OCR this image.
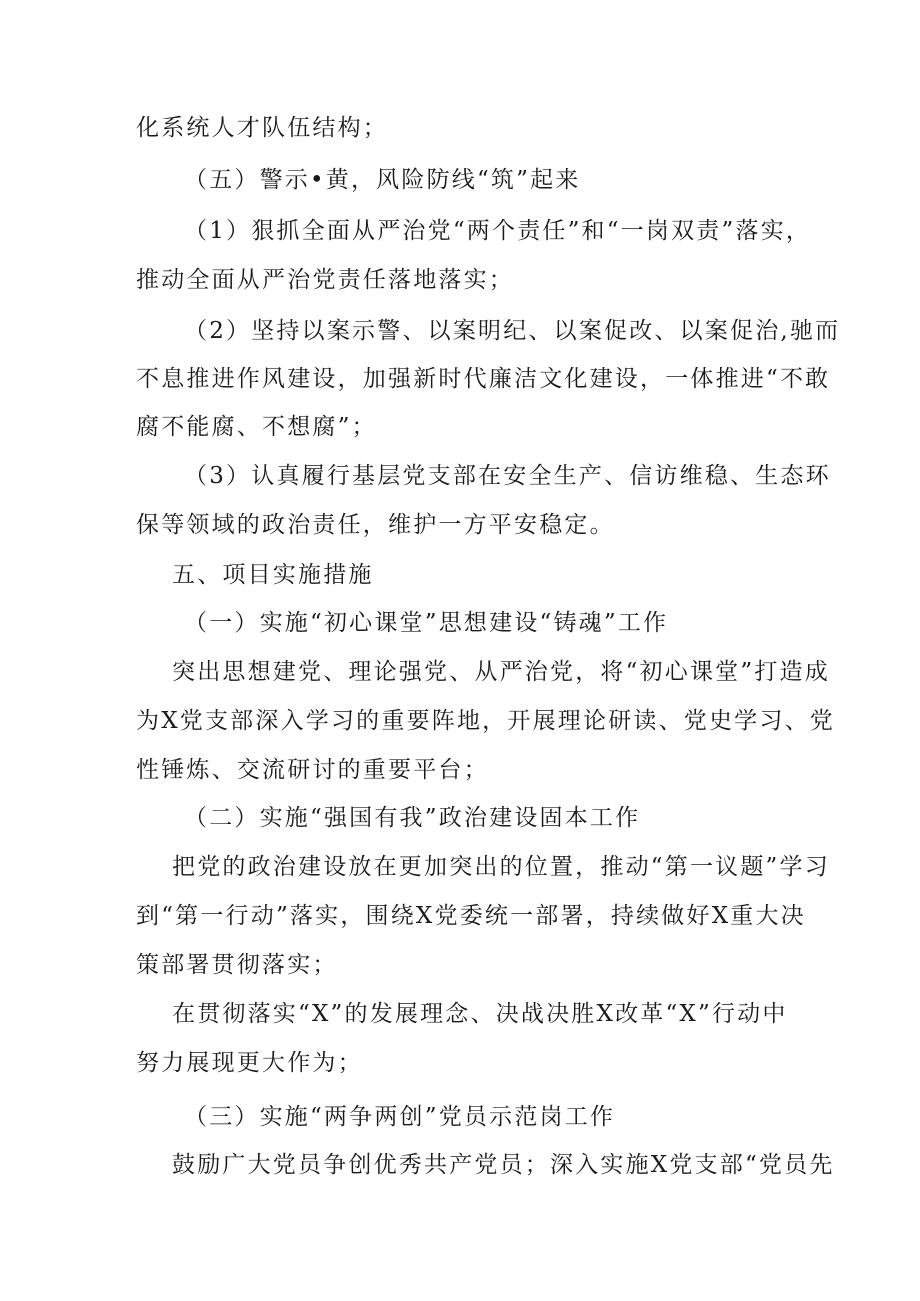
化系统人才队伍结构；
（五）警示•黄，风险防线“筑”起来
（1）狠抓全面从严治党“两个责任”和“一岗双责”落实，
推动全面从严治党责任落地落实；
（2）坚持以案示警、以案明纪、以案促改、以案促治,驰而
不息推进作风建设，加强新时代廉洁文化建设，一体推进“不敢
腐不能腐、不想腐”；
（3）认真履行基层党支部在安全生产、信访维稳、生态环
保等领域的政治责任，维护一方平安稳定。
五、项目实施措施
（一）实施“初心课堂”思想建设“铸魂”工作
突出思想建党、理论强党、从严治党，将“初心课堂”打造成
为X党支部深入学习的重要阵地，开展理论研读、党史学习、党
性锤炼、交流研讨的重要平台；
（二）实施“强国有我”政治建设固本工作
把党的政治建设放在更加突出的位置，推动“第一议题”学习
到“第一行动”落实，围绕X党委统一部署，持续做好X重大决
策部署贯彻落实；
在贯彻落实“X”的发展理念、决战决胜X改革“X”行动中
努力展现更大作为；
（三）实施“两争两创”党员示范岗工作
鼓励广大党员争创优秀共产党员；深入实施X党支部“党员先
